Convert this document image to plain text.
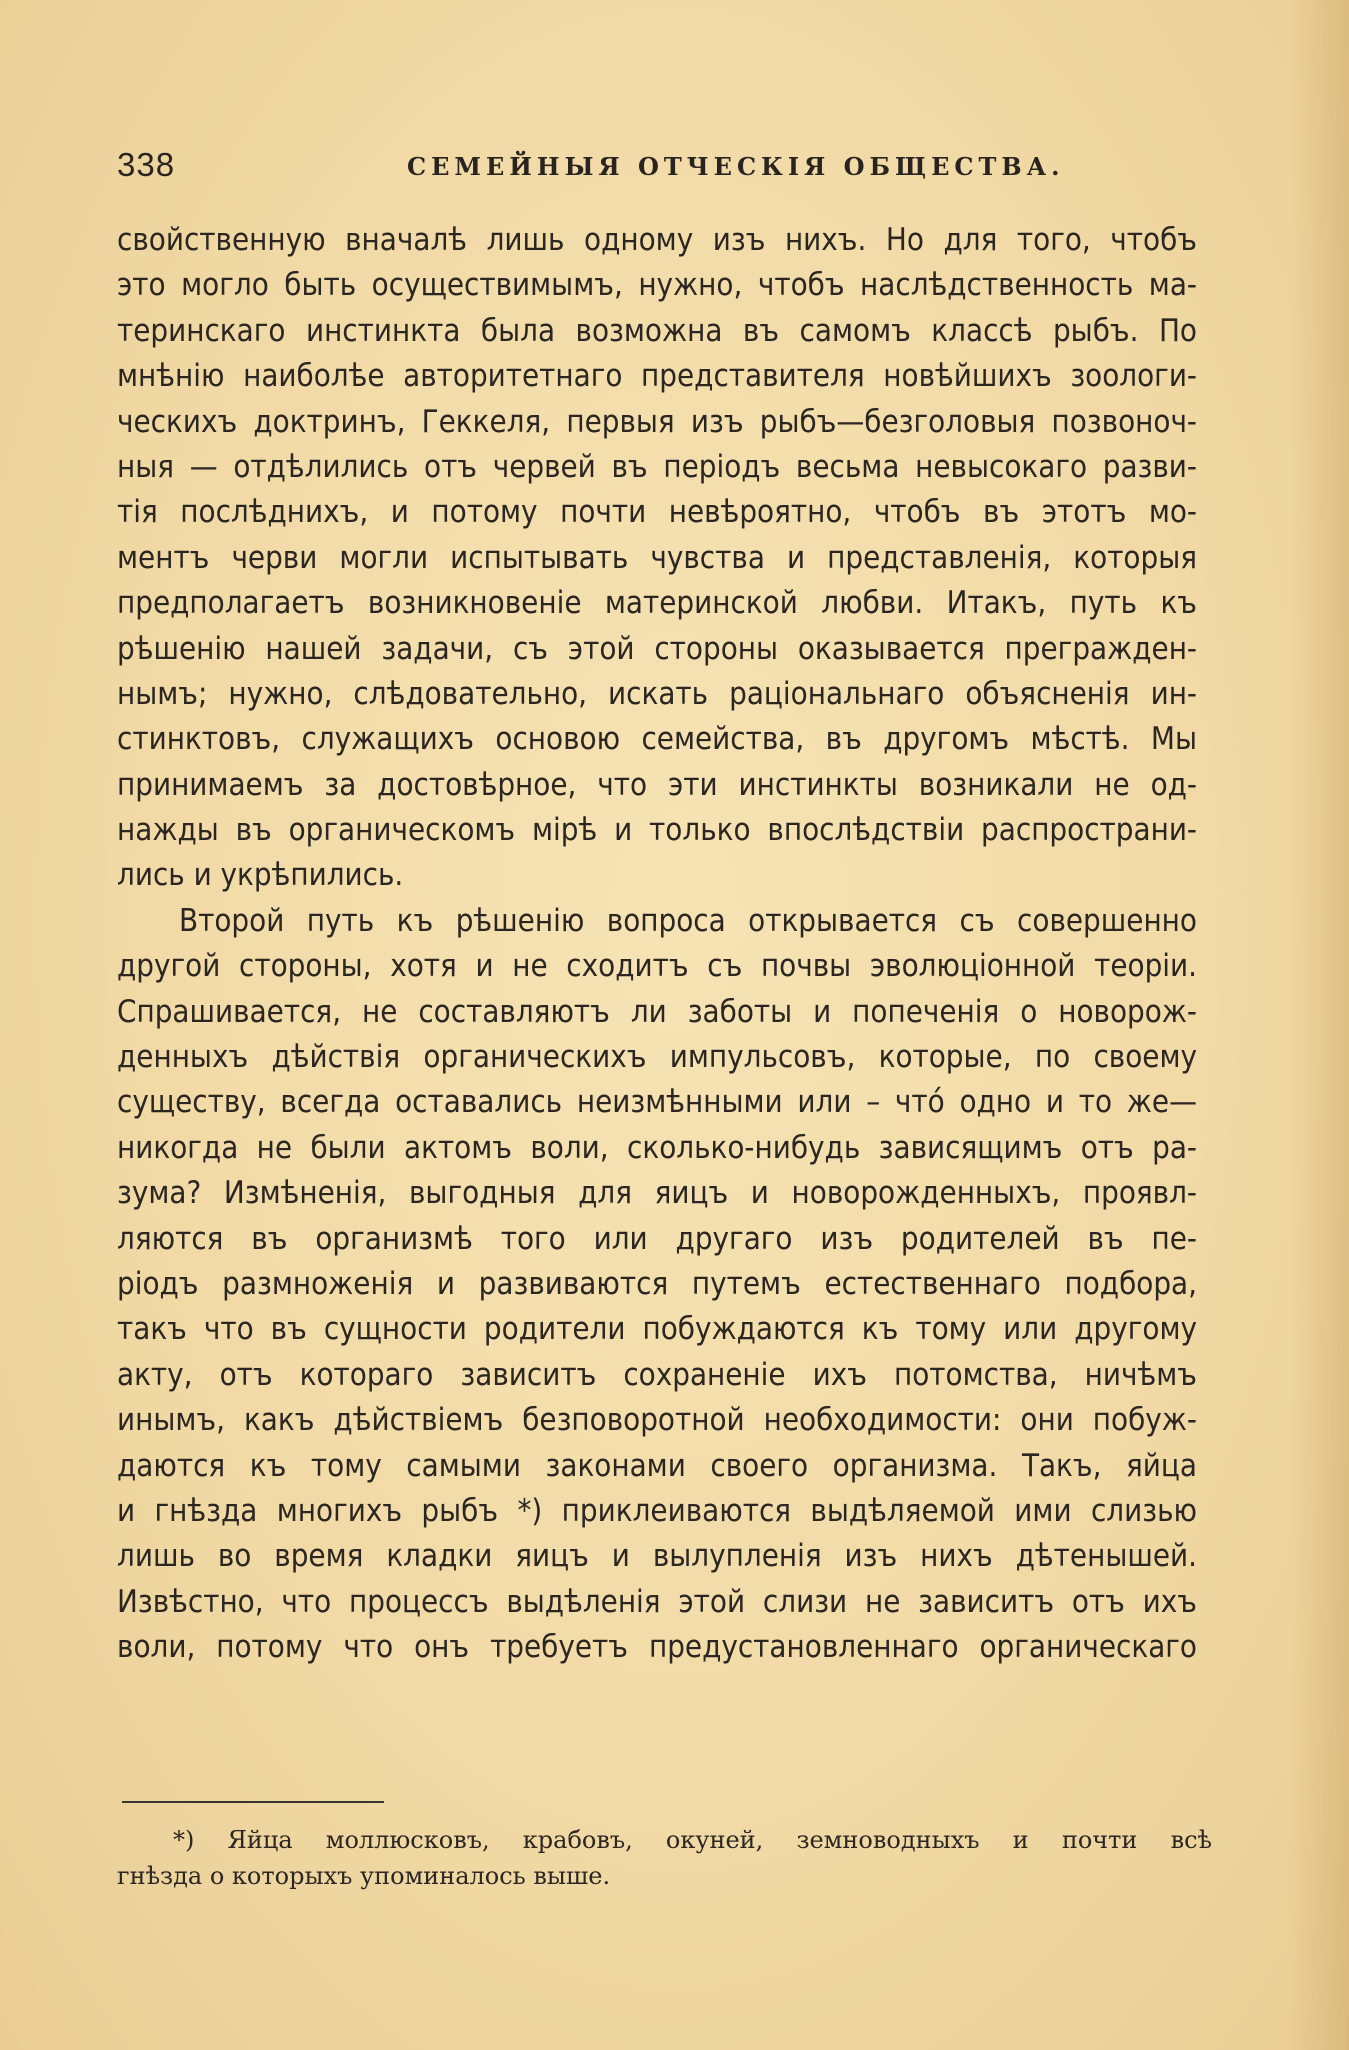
338	СЕМЕЙНЫЯ ОТЧЕСКІЯ ОБЩЕСТВА.
свойственную вначалѣ лишь одному изъ нихъ. Но для того, чтобъ
это могло быть осуществимымъ, нужно, чтобъ наслѣдственность ма-
теринскаго инстинкта была возможна въ самомъ классѣ рыбъ. По
мнѣнію наиболѣе авторитетнаго представителя новѣйшихъ зоологи-
ческихъ доктринъ, Геккеля, первыя изъ рыбъ—безголовыя позвоноч-
ныя — отдѣлились отъ червей въ періодъ весьма невысокаго разви-
тія послѣднихъ, и потому почти невѣроятно, чтобъ въ этотъ мо-
ментъ черви могли испытывать чувства и представленія, которыя
предполагаетъ возникновеніе материнской любви. Итакъ, путь къ
рѣшенію нашей задачи, съ этой стороны оказывается преграждeн-
нымъ; нужно, слѣдовательно, искать раціональнаго объясненія ин-
стинктовъ, служащихъ основою семейства, въ другомъ мѣстѣ. Мы
принимаемъ за достовѣрное, что эти инстинкты возникали не од-
нажды въ органическомъ мірѣ и только впослѣдствіи распространи-
лись и укрѣпились.
Второй путь къ рѣшенію вопроса открывается съ совершенно
другой стороны, хотя и не сходитъ съ почвы эволюціонной теоріи.
Спрашивается, не составляютъ ли заботы и попеченія о новорож-
денныхъ дѣйствія органическихъ импульсовъ, которые, по своему
существу, всегда оставались неизмѣнными или – что́ одно и то же—
никогда не были актомъ воли, сколько-нибудь зависящимъ отъ ра-
зума? Измѣненія, выгодныя для яицъ и новорожденныхъ, проявл-
ляются въ организмѣ того или другаго изъ родителей въ пе-
ріодъ размноженія и развиваются путемъ естественнаго подбора,
такъ что въ сущности родители побуждаются къ тому или другому
акту, отъ котораго зависитъ сохраненіе ихъ потомства, ничѣмъ
инымъ, какъ дѣйствіемъ безповоротной необходимости: они побуж-
даются къ тому самыми законами своего организма. Такъ, яйца
и гнѣзда многихъ рыбъ *) приклеиваются выдѣляемой ими слизью
лишь во время кладки яицъ и вылупленія изъ нихъ дѣтенышей.
Извѣстно, что процессъ выдѣленія этой слизи не зависитъ отъ ихъ
воли, потому что онъ требуетъ предустановленнаго органическаго
*) Яйца моллюсковъ, крабовъ, окуней, земноводныхъ и почти всѣ
гнѣзда о которыхъ упоминалось выше.
